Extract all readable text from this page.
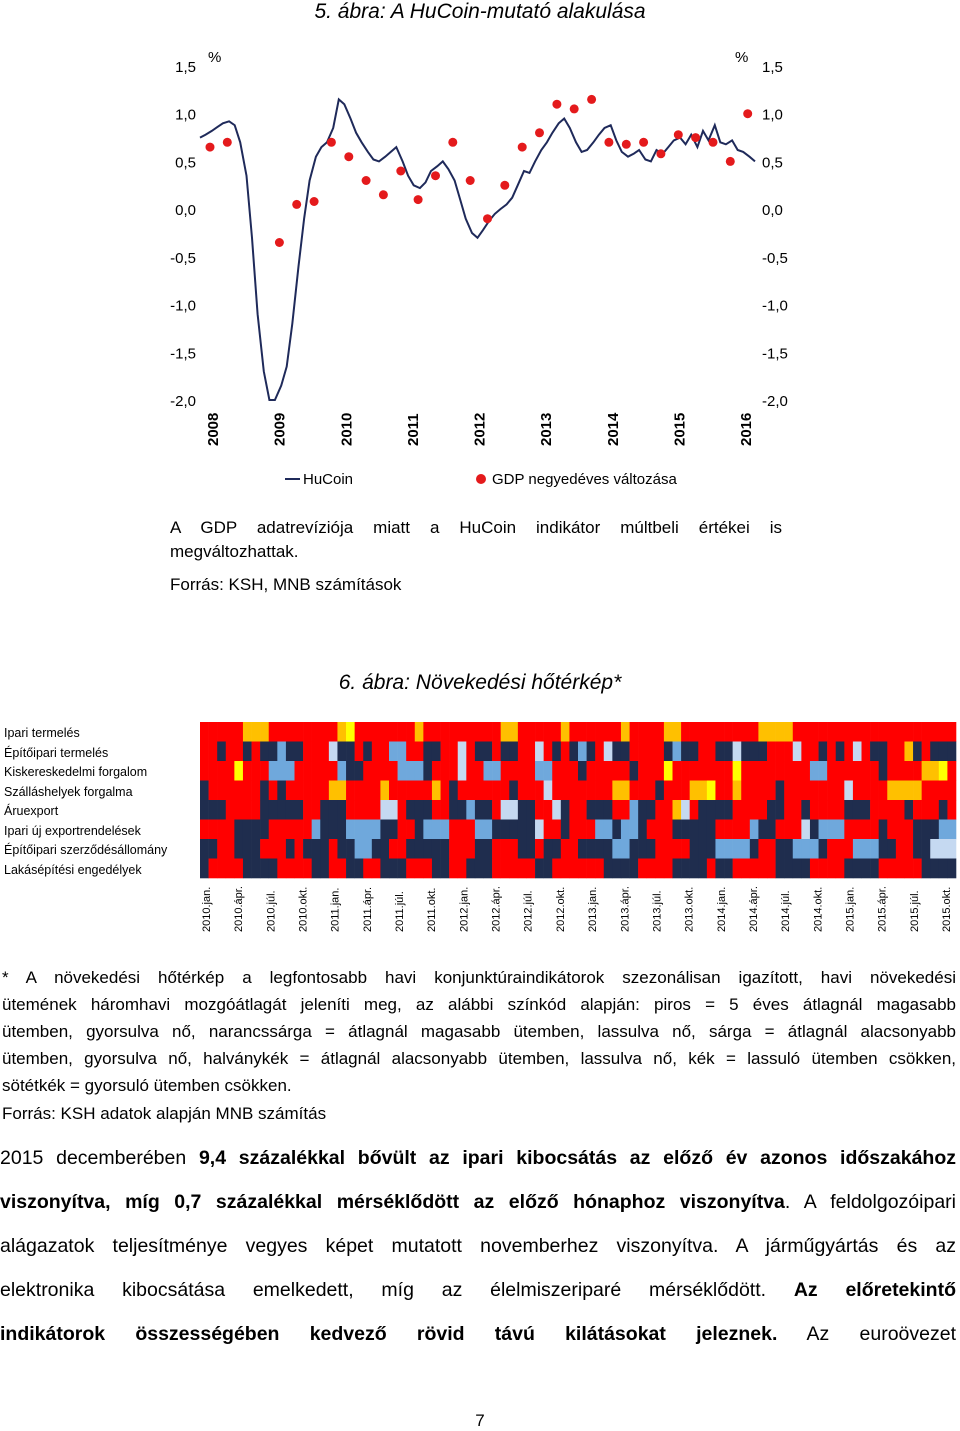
5. ábra: A HuCoin-mutató alakulása
1,5	1,5
1,0	1,0
0,5	0,5
0,0	0,0
-0,5	-0,5
-1,0	-1,0
-1,5	-1,5
-2,0	-2,0
%	%
2008	2009	2010	2011	2012	2013	2014	2015	2016
HuCoin	GDP negyedéves változása
A GDP adatrevíziója miatt a HuCoin indikátor múltbeli értékei is
megváltozhattak.
Forrás: KSH, MNB számítások
6. ábra: Növekedési hőtérkép*
Ipari termelés
Építőipari termelés
Kiskereskedelmi forgalom
Szálláshelyek forgalma
Áruexport
Ipari új exportrendelések
Építőipari szerződésállomány
Lakásépítési engedélyek
2010.jan. 2010.ápr. 2010.júl. 2010.okt. 2011.jan. 2011.ápr. 2011.júl. 2011.okt. 2012.jan. 2012.ápr. 2012.júl. 2012.okt. 2013.jan. 2013.ápr. 2013.júl. 2013.okt. 2014.jan. 2014.ápr. 2014.júl. 2014.okt. 2015.jan. 2015.ápr. 2015.júl. 2015.okt.
* A növekedési hőtérkép a legfontosabb havi konjunktúraindikátorok szezonálisan igazított, havi növekedési
ütemének háromhavi mozgóátlagát jeleníti meg, az alábbi színkód alapján: piros = 5 éves átlagnál magasabb
ütemben, gyorsulva nő, narancssárga = átlagnál magasabb ütemben, lassulva nő, sárga = átlagnál alacsonyabb
ütemben, gyorsulva nő, halványkék = átlagnál alacsonyabb ütemben, lassulva nő, kék = lassuló ütemben csökken,
sötétkék = gyorsuló ütemben csökken.
Forrás: KSH adatok alapján MNB számítás
2015 decemberében 9,4 százalékkal bővült az ipari kibocsátás az előző év azonos időszakához
viszonyítva, míg 0,7 százalékkal mérséklődött az előző hónaphoz viszonyítva. A feldolgozóipari
alágazatok teljesítménye vegyes képet mutatott novemberhez viszonyítva. A járműgyártás és az
elektronika kibocsátása emelkedett, míg az élelmiszeriparé mérséklődött. Az előretekintő
indikátorok összességében kedvező rövid távú kilátásokat jeleznek. Az euroövezet
7
